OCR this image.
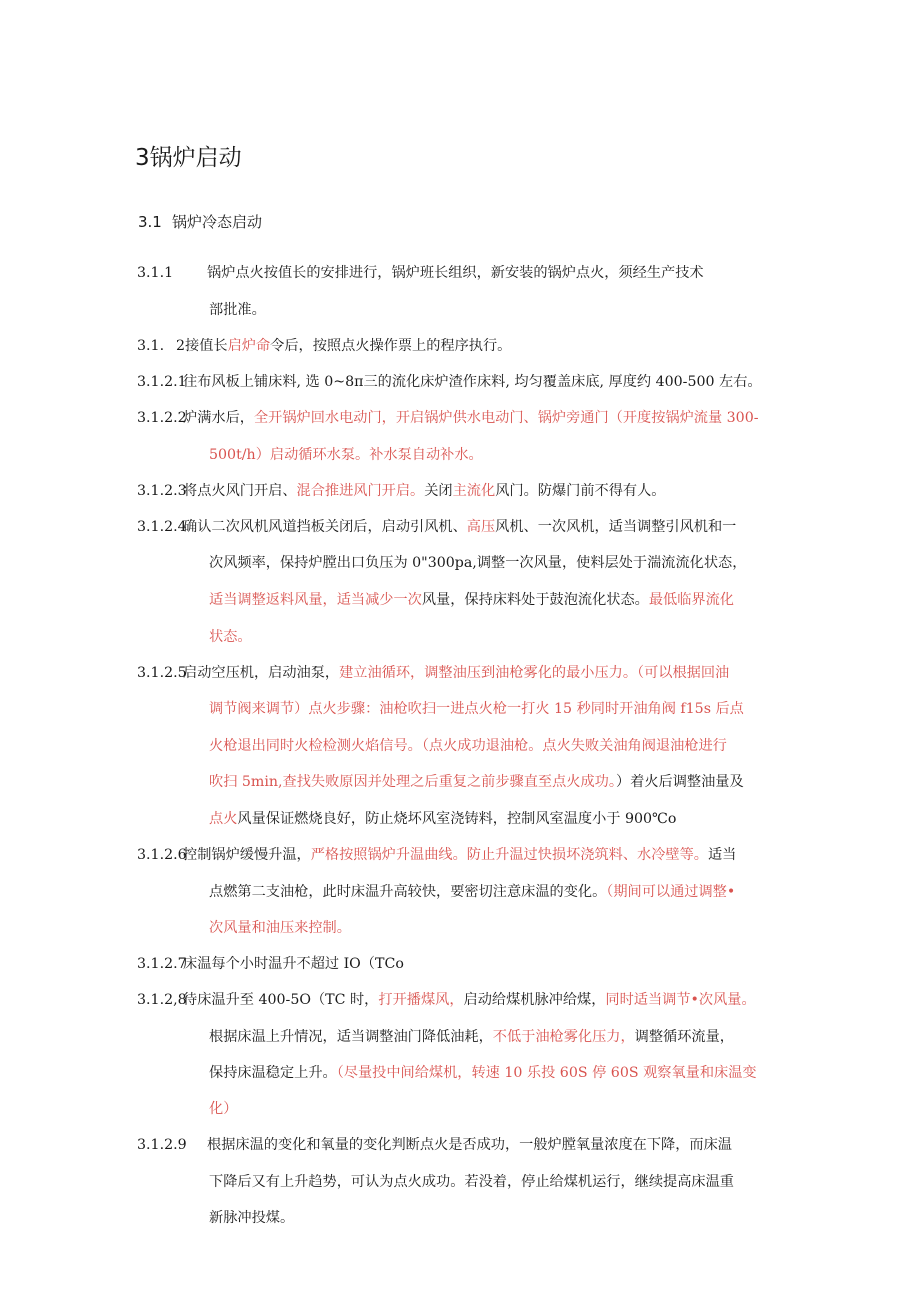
3锅炉启动
3.1 锅炉冷态启动
3.1.1 锅炉点火按值长的安排进行，锅炉班长组织，新安装的锅炉点火，须经生产技术
部批准。
3.1. 2接值长启炉命令后，按照点火操作票上的程序执行。
3.1.2.1
往布风板上铺床料, 选 0~8π三的流化床炉渣作床料, 均匀覆盖床底, 厚度约 400-500 左右。
3.1.2.2
炉满水后，全开锅炉回水电动门，开启锅炉供水电动门、锅炉旁通门（开度按锅炉流量 300-
500t/h）启动循环水泵。补水泵自动补水。
3.1.2.3
将点火风门开启、混合推进风门开启。关闭主流化风门。防爆门前不得有人。
3.1.2.4
确认二次风机风道挡板关闭后，启动引风机、高压风机、一次风机，适当调整引风机和一
次风频率，保持炉膛出口负压为 0"300pa,调整一次风量，使料层处于湍流流化状态，
适当调整返料风量，适当减少一次风量，保持床料处于鼓泡流化状态。最低临界流化
状态。
3.1.2.5
启动空压机，启动油泵，建立油循环，调整油压到油枪雾化的最小压力。（可以根据回油
调节阀来调节）点火步骤：油枪吹扫一进点火枪一打火 15 秒同时开油角阀 f15s 后点
火枪退出同时火检检测火焰信号。（点火成功退油枪。点火失败关油角阀退油枪进行
吹扫 5min,查找失败原因并处理之后重复之前步骤直至点火成功。）着火后调整油量及
点火风量保证燃烧良好，防止烧坏风室浇铸料，控制风室温度小于 900℃o
3.1.2.6
控制锅炉缓慢升温，严格按照锅炉升温曲线。防止升温过快损坏浇筑料、水冷壁等。适当
点燃第二支油枪，此时床温升高较快，要密切注意床温的变化。（期间可以通过调整•
次风量和油压来控制。
3.1.2.7
床温每个小时温升不超过 IO（TCo
3.1.2,8
待床温升至 400-5O（TC 时，打开播煤风，启动给煤机脉冲给煤，同时适当调节•次风量。
根据床温上升情况，适当调整油门降低油耗，不低于油枪雾化压力，调整循环流量，
保持床温稳定上升。（尽量投中间给煤机，转速 10 乐投 60S 停 60S 观察氧量和床温变
化）
3.1.2.9 根据床温的变化和氧量的变化判断点火是否成功，一般炉膛氧量浓度在下降，而床温
下降后又有上升趋势，可认为点火成功。若没着，停止给煤机运行，继续提高床温重
新脉冲投煤。
